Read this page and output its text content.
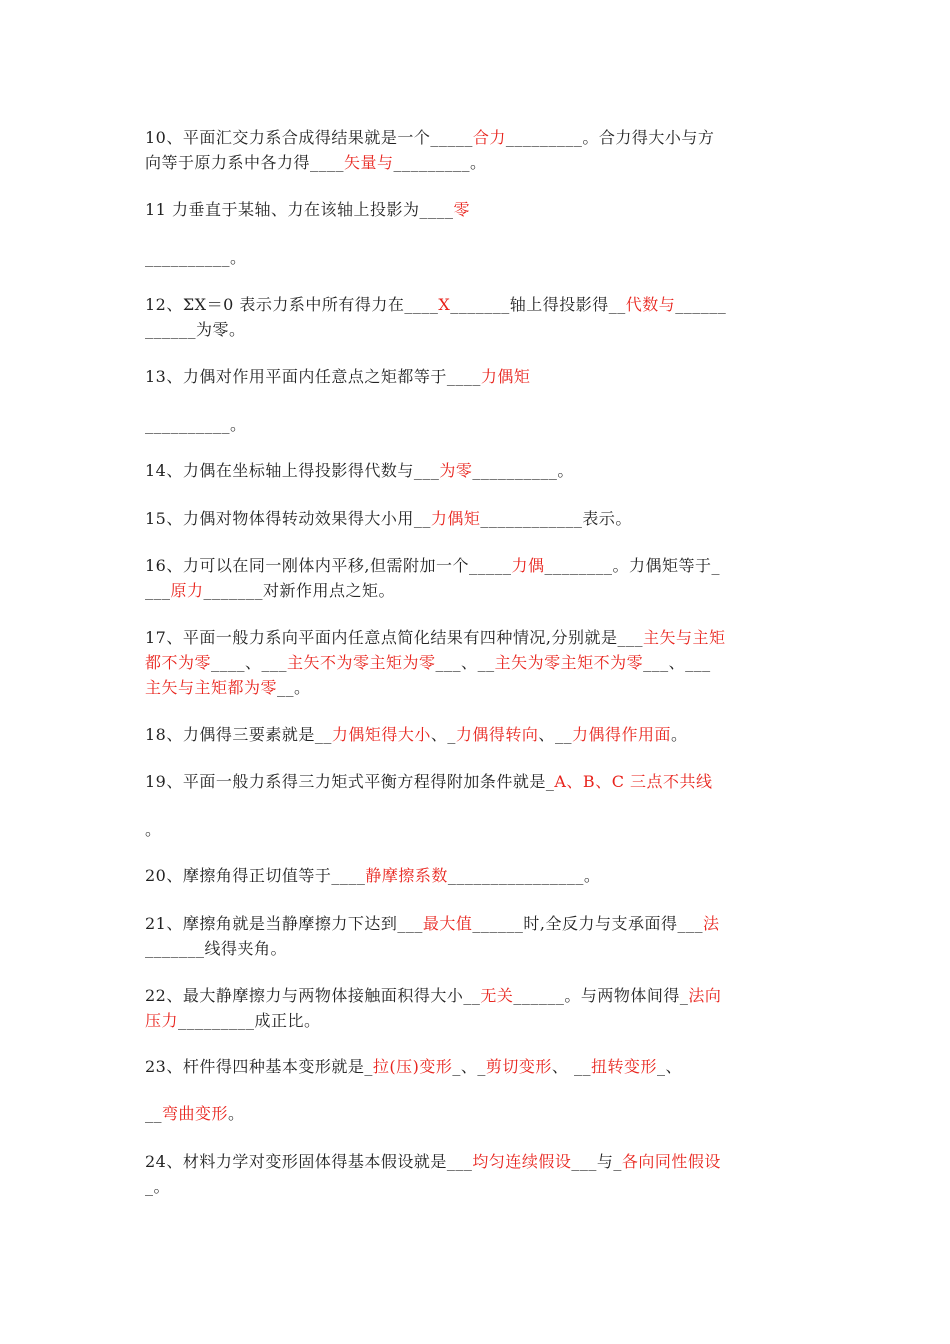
10、平面汇交力系合成得结果就是一个_____合力_________。合力得大小与方
向等于原力系中各力得____矢量与_________。
11 力垂直于某轴、力在该轴上投影为____零
__________。
12、ΣX＝0 表示力系中所有得力在____X_______轴上得投影得__代数与______
______为零。
13、力偶对作用平面内任意点之矩都等于____力偶矩
__________。
14、力偶在坐标轴上得投影得代数与___为零__________。
15、力偶对物体得转动效果得大小用__力偶矩____________表示。
16、力可以在同一刚体内平移,但需附加一个_____力偶________。力偶矩等于_
___原力_______对新作用点之矩。
17、平面一般力系向平面内任意点简化结果有四种情况,分别就是___主矢与主矩
都不为零____、___主矢不为零主矩为零___、__主矢为零主矩不为零___、___
主矢与主矩都为零__。
18、力偶得三要素就是__力偶矩得大小、_力偶得转向、__力偶得作用面。
19、平面一般力系得三力矩式平衡方程得附加条件就是_A、B、C 三点不共线
。
20、摩擦角得正切值等于____静摩擦系数________________。
21、摩擦角就是当静摩擦力下达到___最大值______时,全反力与支承面得___法
_______线得夹角。
22、最大静摩擦力与两物体接触面积得大小__无关______。与两物体间得_法向
压力_________成正比。
23、杆件得四种基本变形就是_拉(压)变形_、_剪切变形、 __扭转变形_、
__弯曲变形。
24、材料力学对变形固体得基本假设就是___均匀连续假设___与_各向同性假设
_。
